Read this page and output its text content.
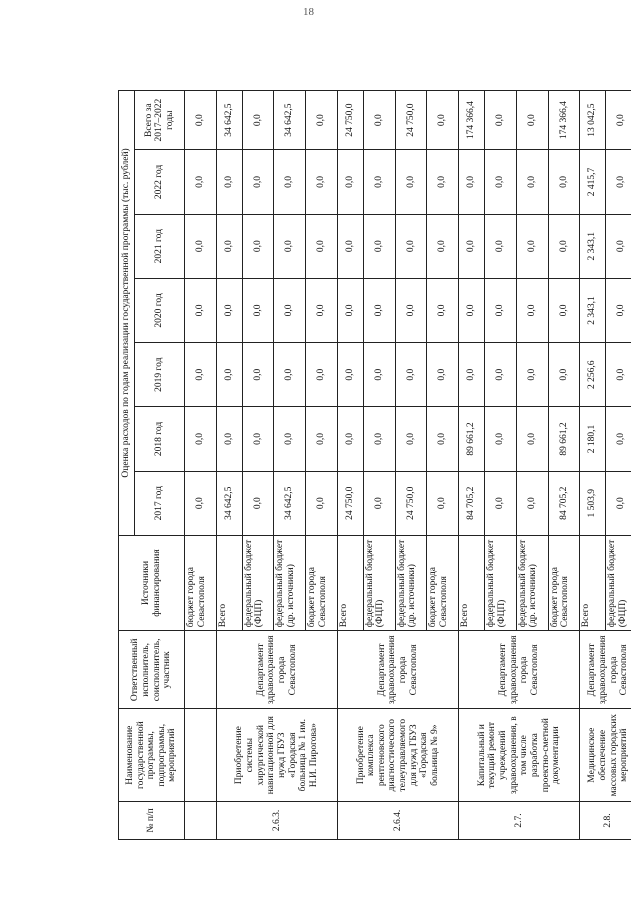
18
№ п/п	Наименование государственной программы, подпрограммы, мероприятий	Ответственный исполнитель, соисполнитель, участник	Источники финансирования	Оценка расходов по годам реализации государственной программы (тыс. рублей)						
				2017 год	2018 год	2019 год	2020 год	2021 год	2022 год	Всего за 2017–2022 годы
			бюджет города Севастополя	0,0	0,0	0,0	0,0	0,0	0,0	0,0
2.6.3.	Приобретение системы хирургической навигационной для нужд ГБУЗ «Городская больница № 1 им. Н.И. Пирогова»	Департамент здравоохранения города Севастополя	Всего	34 642,5	0,0	0,0	0,0	0,0	0,0	34 642,5
			федеральный бюджет (ФЦП)	0,0	0,0	0,0	0,0	0,0	0,0	0,0
			федеральный бюджет (др. источники)	34 642,5	0,0	0,0	0,0	0,0	0,0	34 642,5
			бюджет города Севастополя	0,0	0,0	0,0	0,0	0,0	0,0	0,0
2.6.4.	Приобретение комплекса рентгеновского диагностического телеуправляемого для нужд ГБУЗ «Городская больница № 9»	Департамент здравоохранения города Севастополя	Всего	24 750,0	0,0	0,0	0,0	0,0	0,0	24 750,0
			федеральный бюджет (ФЦП)	0,0	0,0	0,0	0,0	0,0	0,0	0,0
			федеральный бюджет (др. источники)	24 750,0	0,0	0,0	0,0	0,0	0,0	24 750,0
			бюджет города Севастополя	0,0	0,0	0,0	0,0	0,0	0,0	0,0
2.7.	Капитальный и текущий ремонт учреждений здравоохранения, в том числе разработка проектно-сметной документации	Департамент здравоохранения города Севастополя	Всего	84 705,2	89 661,2	0,0	0,0	0,0	0,0	174 366,4
			федеральный бюджет (ФЦП)	0,0	0,0	0,0	0,0	0,0	0,0	0,0
			федеральный бюджет (др. источники)	0,0	0,0	0,0	0,0	0,0	0,0	0,0
			бюджет города Севастополя	84 705,2	89 661,2	0,0	0,0	0,0	0,0	174 366,4
2.8.	Медицинское обеспечение массовых городских мероприятий	Департамент здравоохранения города Севастополя	Всего	1 503,9	2 180,1	2 256,6	2 343,1	2 343,1	2 415,7	13 042,5
			федеральный бюджет (ФЦП)	0,0	0,0	0,0	0,0	0,0	0,0	0,0
